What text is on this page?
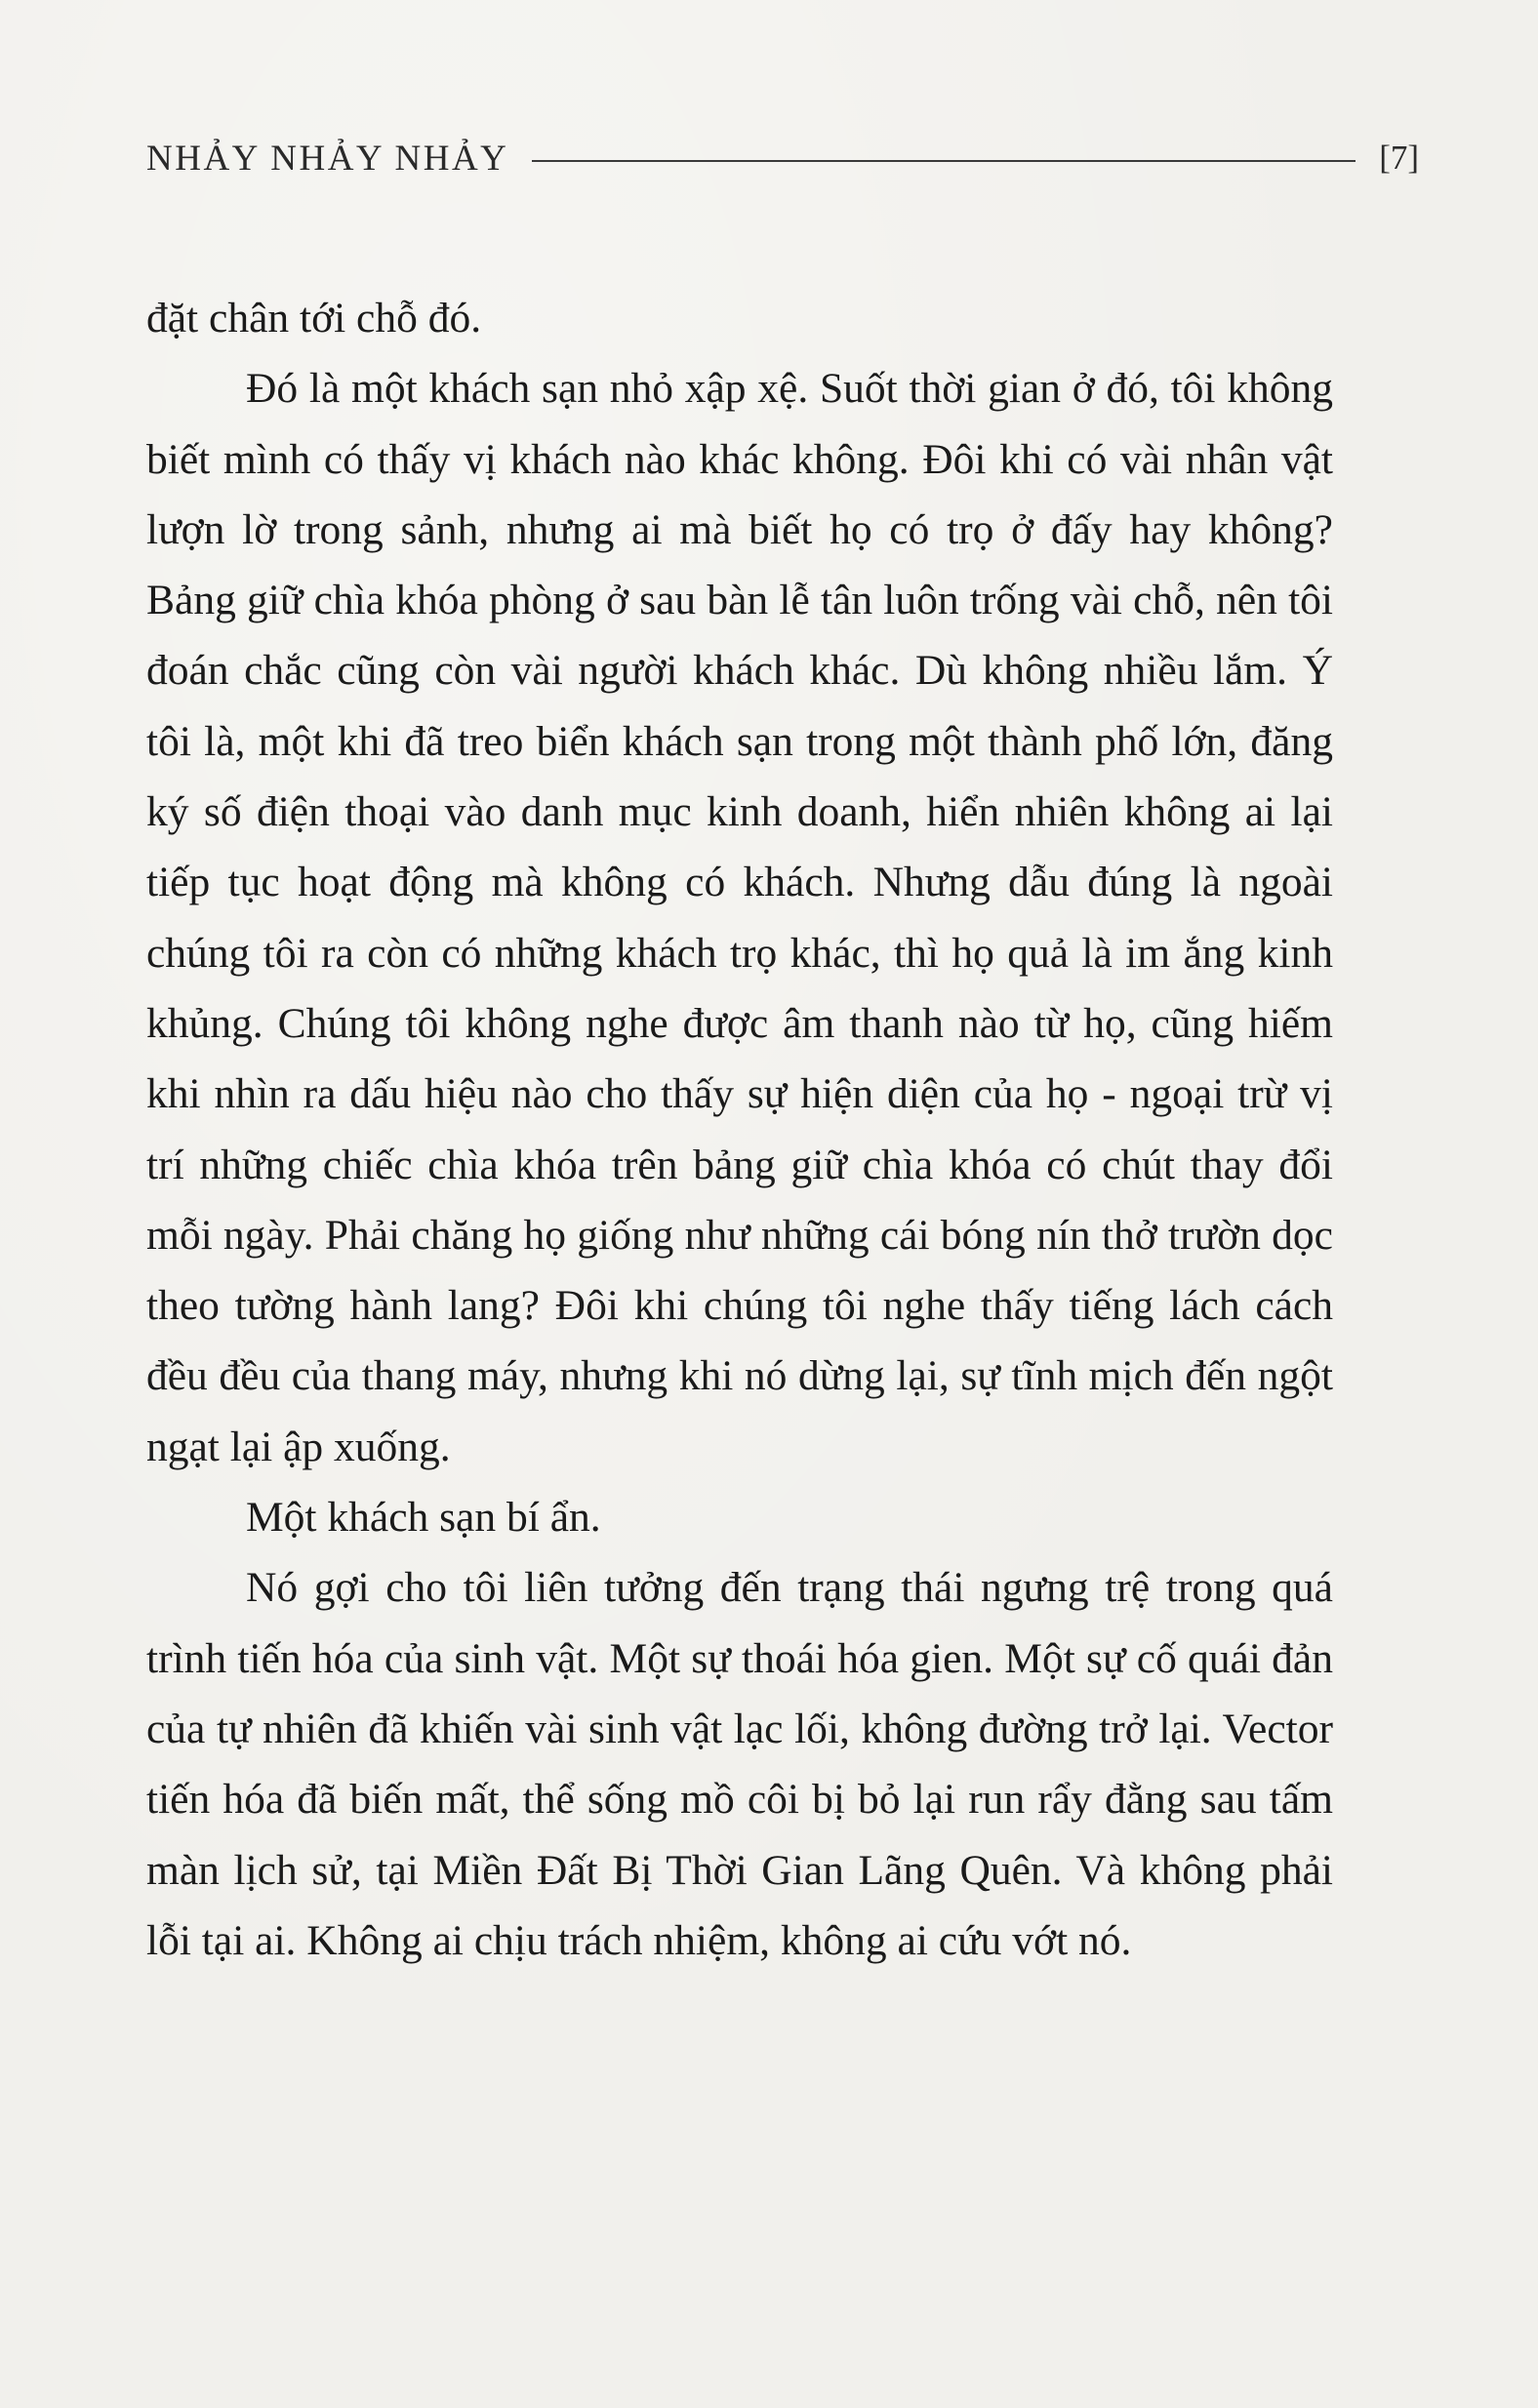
NHẢY NHẢY NHẢY	[7]

đặt chân tới chỗ đó.

Đó là một khách sạn nhỏ xập xệ. Suốt thời gian ở đó, tôi không biết mình có thấy vị khách nào khác không. Đôi khi có vài nhân vật lượn lờ trong sảnh, nhưng ai mà biết họ có trọ ở đấy hay không? Bảng giữ chìa khóa phòng ở sau bàn lễ tân luôn trống vài chỗ, nên tôi đoán chắc cũng còn vài người khách khác. Dù không nhiều lắm. Ý tôi là, một khi đã treo biển khách sạn trong một thành phố lớn, đăng ký số điện thoại vào danh mục kinh doanh, hiển nhiên không ai lại tiếp tục hoạt động mà không có khách. Nhưng dẫu đúng là ngoài chúng tôi ra còn có những khách trọ khác, thì họ quả là im ắng kinh khủng. Chúng tôi không nghe được âm thanh nào từ họ, cũng hiếm khi nhìn ra dấu hiệu nào cho thấy sự hiện diện của họ - ngoại trừ vị trí những chiếc chìa khóa trên bảng giữ chìa khóa có chút thay đổi mỗi ngày. Phải chăng họ giống như những cái bóng nín thở trườn dọc theo tường hành lang? Đôi khi chúng tôi nghe thấy tiếng lách cách đều đều của thang máy, nhưng khi nó dừng lại, sự tĩnh mịch đến ngột ngạt lại ập xuống.

Một khách sạn bí ẩn.

Nó gợi cho tôi liên tưởng đến trạng thái ngưng trệ trong quá trình tiến hóa của sinh vật. Một sự thoái hóa gien. Một sự cố quái đản của tự nhiên đã khiến vài sinh vật lạc lối, không đường trở lại. Vector tiến hóa đã biến mất, thể sống mồ côi bị bỏ lại run rẩy đằng sau tấm màn lịch sử, tại Miền Đất Bị Thời Gian Lãng Quên. Và không phải lỗi tại ai. Không ai chịu trách nhiệm, không ai cứu vớt nó.
